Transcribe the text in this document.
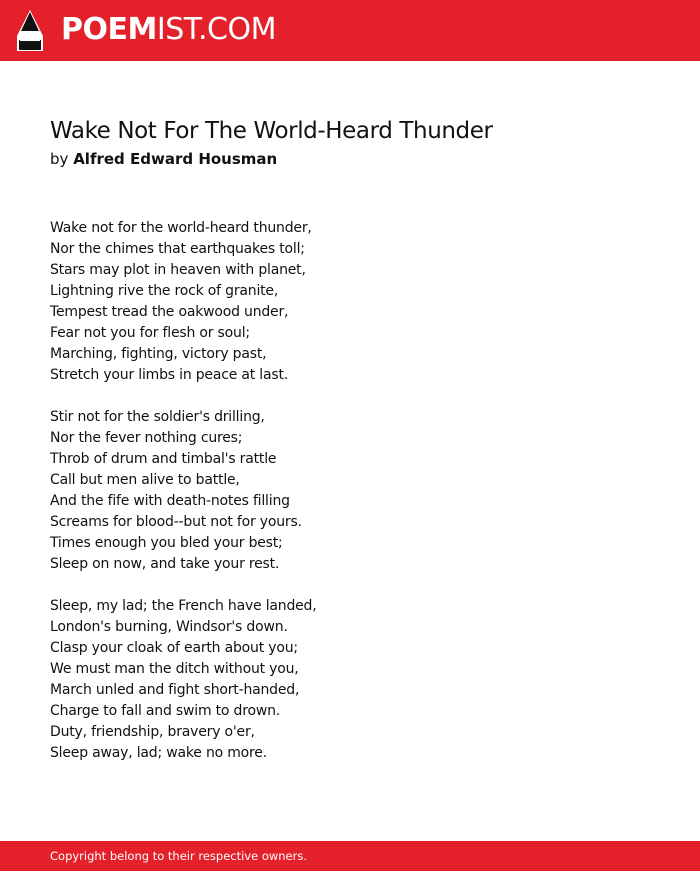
POEMIST.COM
Wake Not For The World-Heard Thunder
by Alfred Edward Housman
Wake not for the world-heard thunder,
Nor the chimes that earthquakes toll;
Stars may plot in heaven with planet,
Lightning rive the rock of granite,
Tempest tread the oakwood under,
Fear not you for flesh or soul;
Marching, fighting, victory past,
Stretch your limbs in peace at last.
Stir not for the soldier's drilling,
Nor the fever nothing cures;
Throb of drum and timbal's rattle
Call but men alive to battle,
And the fife with death-notes filling
Screams for blood--but not for yours.
Times enough you bled your best;
Sleep on now, and take your rest.
Sleep, my lad; the French have landed,
London's burning, Windsor's down.
Clasp your cloak of earth about you;
We must man the ditch without you,
March unled and fight short-handed,
Charge to fall and swim to drown.
Duty, friendship, bravery o'er,
Sleep away, lad; wake no more.
Copyright belong to their respective owners.
